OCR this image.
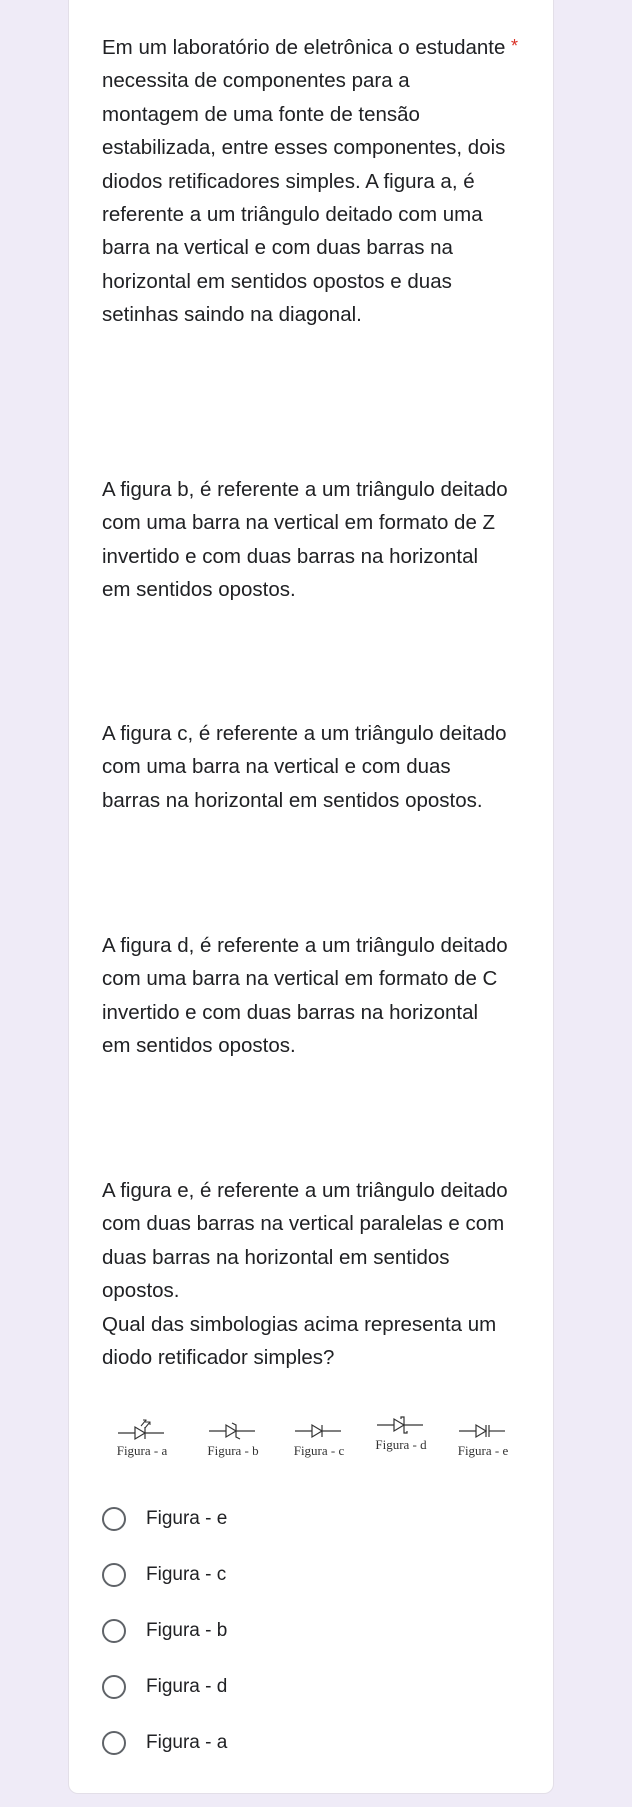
*

Em um laboratório de eletrônica o estudante necessita de componentes para a montagem de uma fonte de tensão estabilizada, entre esses componentes, dois diodos retificadores simples. A figura a, é referente a um triângulo deitado com uma barra na vertical e com duas barras na horizontal em sentidos opostos e duas setinhas saindo na diagonal.

A figura b, é referente a um triângulo deitado com uma barra na vertical em formato de Z invertido e com duas barras na horizontal em sentidos opostos.

A figura c, é referente a um triângulo deitado com uma barra na vertical e com duas barras na horizontal em sentidos opostos.

A figura d, é referente a um triângulo deitado com uma barra na vertical em formato de C invertido e com duas barras na horizontal em sentidos opostos.

A figura e, é referente a um triângulo deitado com duas barras na vertical paralelas e com duas barras na horizontal em sentidos opostos.

Qual das simbologias acima representa um diodo retificador simples?

Figura - a	Figura - b	Figura - c	Figura - d	Figura - e
Figura - e
Figura - c
Figura - b
Figura - d
Figura - a
